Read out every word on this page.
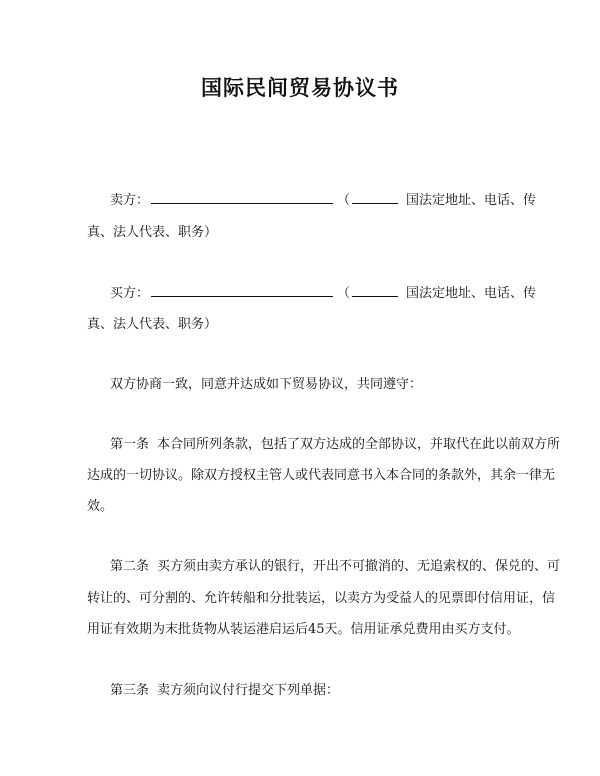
国际民间贸易协议书
卖方：	（	国法定地址、电话、传
真、法人代表、职务）
买方：	（	国法定地址、电话、传
真、法人代表、职务）
双方协商一致，同意并达成如下贸易协议，共同遵守：
第一条 本合同所列条款，包括了双方达成的全部协议，并取代在此以前双方所
达成的一切协议。除双方授权主管人或代表同意书入本合同的条款外，其余一律无
效。
第二条 买方须由卖方承认的银行，开出不可撤消的、无追索权的、保兑的、可
转让的、可分割的、允许转船和分批装运，以卖方为受益人的见票即付信用证，信
用证有效期为末批货物从装运港启运后45天。信用证承兑费用由买方支付。
第三条 卖方须向议付行提交下列单据：
